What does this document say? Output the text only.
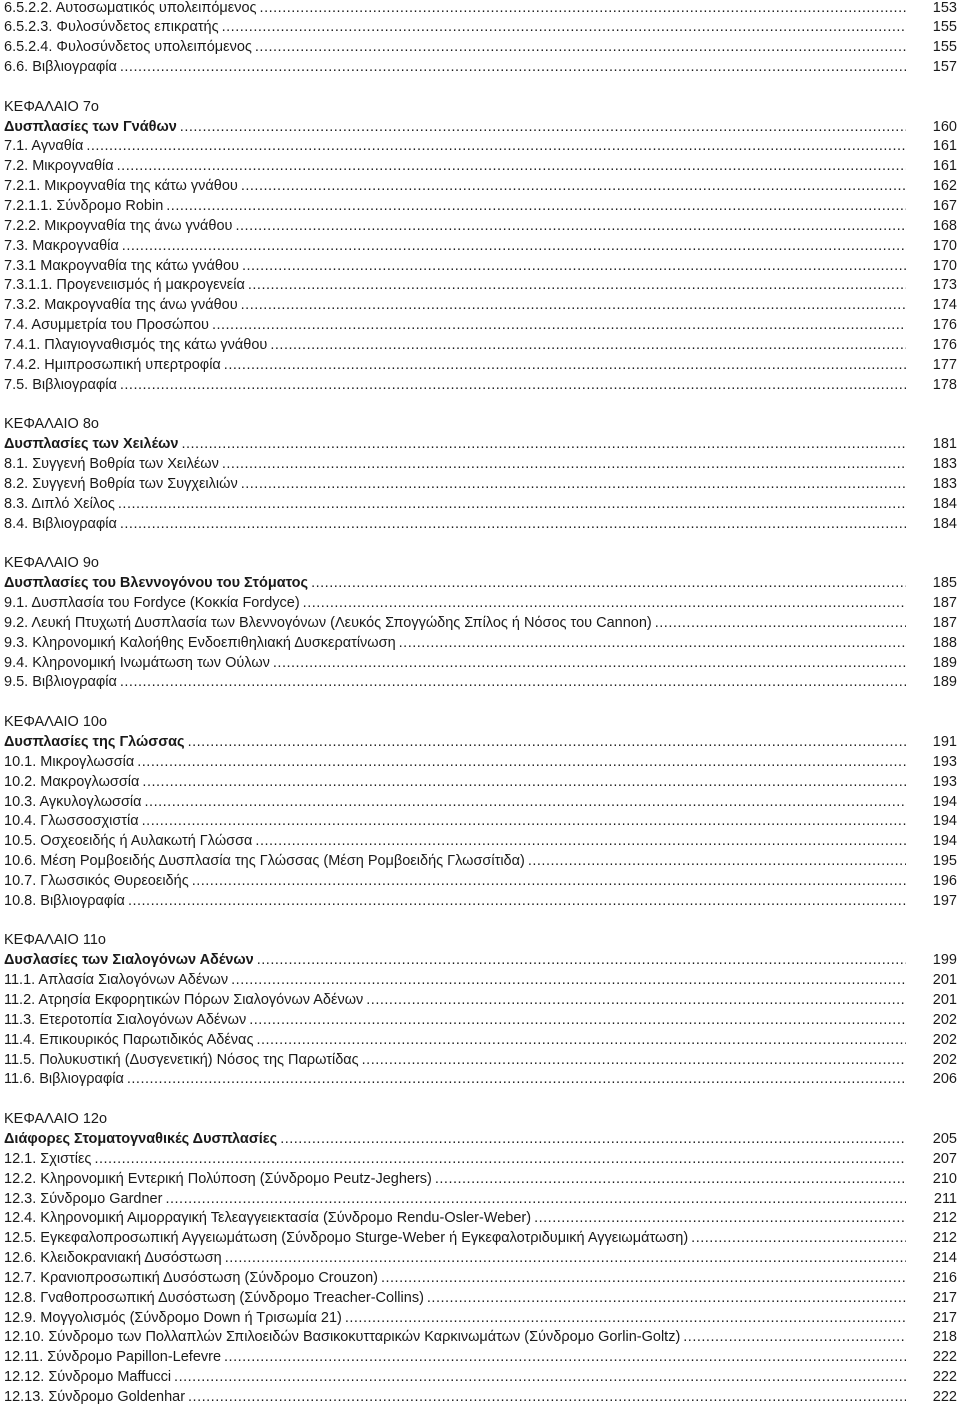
6.5.2.2. Αυτοσωματικός υπολειπόμενος .....	153
6.5.2.3. Φυλοσύνδετος επικρατής .....	155
6.5.2.4. Φυλοσύνδετος υπολειπόμενος .....	155
6.6. Βιβλιογραφία .....	157
ΚΕΦΑΛΑΙΟ 7ο
Δυσπλασίες των Γνάθων .....	160
7.1. Αγναθία .....	161
7.2. Μικρογναθία .....	161
7.2.1. Μικρογναθία της κάτω γνάθου .....	162
7.2.1.1. Σύνδρομο Robin .....	167
7.2.2. Μικρογναθία της άνω γνάθου .....	168
7.3. Μακρογναθία .....	170
7.3.1 Μακρογναθία της κάτω γνάθου .....	170
7.3.1.1. Προγενειισμός ή μακρογενεία .....	173
7.3.2. Μακρογναθία της άνω γνάθου .....	174
7.4. Ασυμμετρία του Προσώπου .....	176
7.4.1. Πλαγιογναθισμός της κάτω γνάθου .....	176
7.4.2. Ημιπροσωπική υπερτροφία .....	177
7.5. Βιβλιογραφία .....	178
ΚΕΦΑΛΑΙΟ 8ο
Δυσπλασίες των Χειλέων .....	181
8.1. Συγγενή Βοθρία των Χειλέων .....	183
8.2. Συγγενή Βοθρία των Συγχειλιών .....	183
8.3. Διπλό Χείλος .....	184
8.4. Βιβλιογραφία .....	184
ΚΕΦΑΛΑΙΟ 9ο
Δυσπλασίες του Βλεννογόνου του Στόματος .....	185
9.1. Δυσπλασία του Fordyce (Κοκκία Fordyce) .....	187
9.2. Λευκή Πτυχωτή Δυσπλασία των Βλεννογόνων (Λευκός Σπογγώδης Σπίλος ή Νόσος του Cannon) .....	187
9.3. Κληρονομική Καλοήθης Ενδοεπιθηλιακή Δυσκερατίνωση .....	188
9.4. Κληρονομική Ινωμάτωση των Ούλων .....	189
9.5. Βιβλιογραφία .....	189
ΚΕΦΑΛΑΙΟ 10ο
Δυσπλασίες της Γλώσσας .....	191
10.1. Μικρογλωσσία .....	193
10.2. Μακρογλωσσία .....	193
10.3. Αγκυλογλωσσία .....	194
10.4. Γλωσσοσχιστία .....	194
10.5. Οσχεοειδής ή Αυλακωτή Γλώσσα .....	194
10.6. Μέση Ρομβοειδής Δυσπλασία της Γλώσσας (Μέση Ρομβοειδής Γλωσσίτιδα) .....	195
10.7. Γλωσσικός Θυρεοειδής .....	196
10.8. Βιβλιογραφία .....	197
ΚΕΦΑΛΑΙΟ 11ο
Δυσλασίες των Σιαλογόνων Αδένων .....	199
11.1. Απλασία Σιαλογόνων Αδένων .....	201
11.2. Ατρησία Εκφορητικών Πόρων Σιαλογόνων Αδένων .....	201
11.3. Ετεροτοπία Σιαλογόνων Αδένων .....	202
11.4. Επικουρικός Παρωτιδικός Αδένας .....	202
11.5. Πολυκυστική (Δυσγενετική) Νόσος της Παρωτίδας .....	202
11.6. Βιβλιογραφία .....	206
ΚΕΦΑΛΑΙΟ 12ο
Διάφορες Στοματογναθικές Δυσπλασίες .....	205
12.1. Σχιστίες .....	207
12.2. Κληρονομική Εντερική Πολύποση (Σύνδρομο Peutz-Jeghers) .....	210
12.3. Σύνδρομο Gardner .....	211
12.4. Κληρονομική Αιμορραγική Τελεαγγειεκτασία (Σύνδρομο Rendu-Osler-Weber) .....	212
12.5. Εγκεφαλοπροσωπική Αγγειωμάτωση (Σύνδρομο Sturge-Weber ή Εγκεφαλοτριδυμική Αγγειωμάτωση) .....	212
12.6. Κλειδοκρανιακή Δυσόστωση .....	214
12.7. Κρανιοπροσωπική Δυσόστωση (Σύνδρομο Crouzon) .....	216
12.8. Γναθοπροσωπική Δυσόστωση (Σύνδρομο Treacher-Collins) .....	217
12.9. Μογγολισμός (Σύνδρομο Down ή Τρισωμία 21) .....	217
12.10. Σύνδρομο των Πολλαπλών Σπιλοειδών Βασικοκυτταρικών Καρκινωμάτων (Σύνδρομο Gorlin-Goltz) .....	218
12.11. Σύνδρομο Papillon-Lefevre .....	222
12.12. Σύνδρομο Maffucci .....	222
12.13. Σύνδρομο Goldenhar .....	222
